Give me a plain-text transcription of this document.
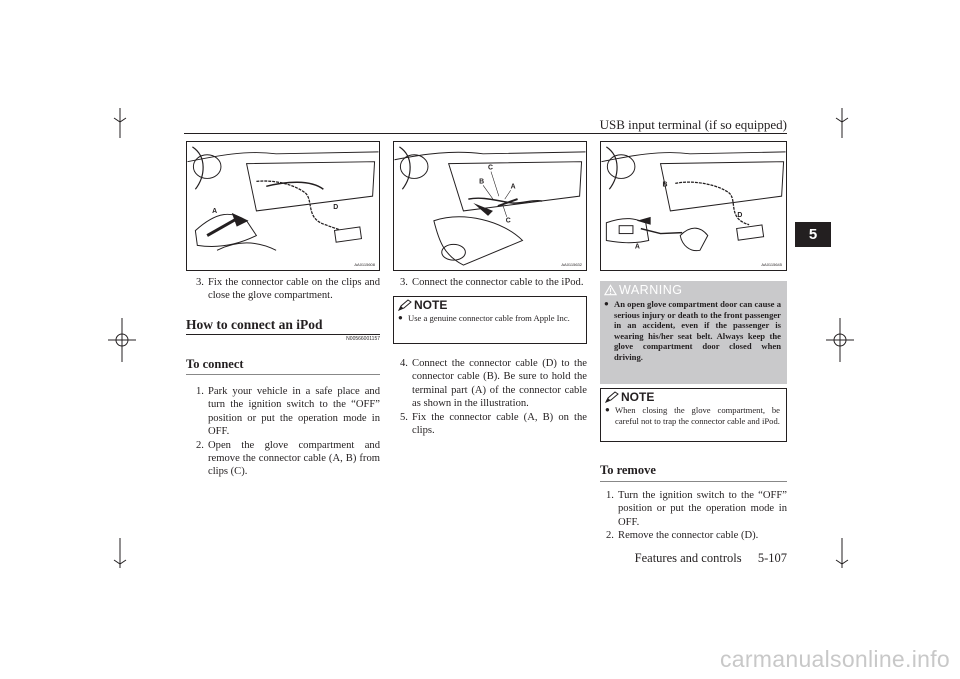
USB input terminal (if so equipped)
5
A
D
AA0115608
C
B
A
C
AA0115632
B
D
A
AA0115645
3. Fix the connector cable on the clips and close the glove compartment.
How to connect an iPod
N00566001157
To connect
1. Park your vehicle in a safe place and turn the ignition switch to the “OFF” position or put the operation mode in OFF.
2. Open the glove compartment and remove the connector cable (A, B) from clips (C).
3. Connect the connector cable to the iPod.
NOTE
● Use a genuine connector cable from Apple Inc.
4. Connect the connector cable (D) to the connector cable (B). Be sure to hold the terminal part (A) of the connector cable as shown in the illustration.
5. Fix the connector cable (A, B) on the clips.
WARNING
● An open glove compartment door can cause a serious injury or death to the front passenger in an accident, even if the passenger is wearing his/her seat belt. Always keep the glove compartment door closed when driving.
NOTE
● When closing the glove compartment, be careful not to trap the connector cable and iPod.
To remove
1. Turn the ignition switch to the “OFF” position or put the operation mode in OFF.
2. Remove the connector cable (D).
Features and controls 5-107
carmanualsonline.info
